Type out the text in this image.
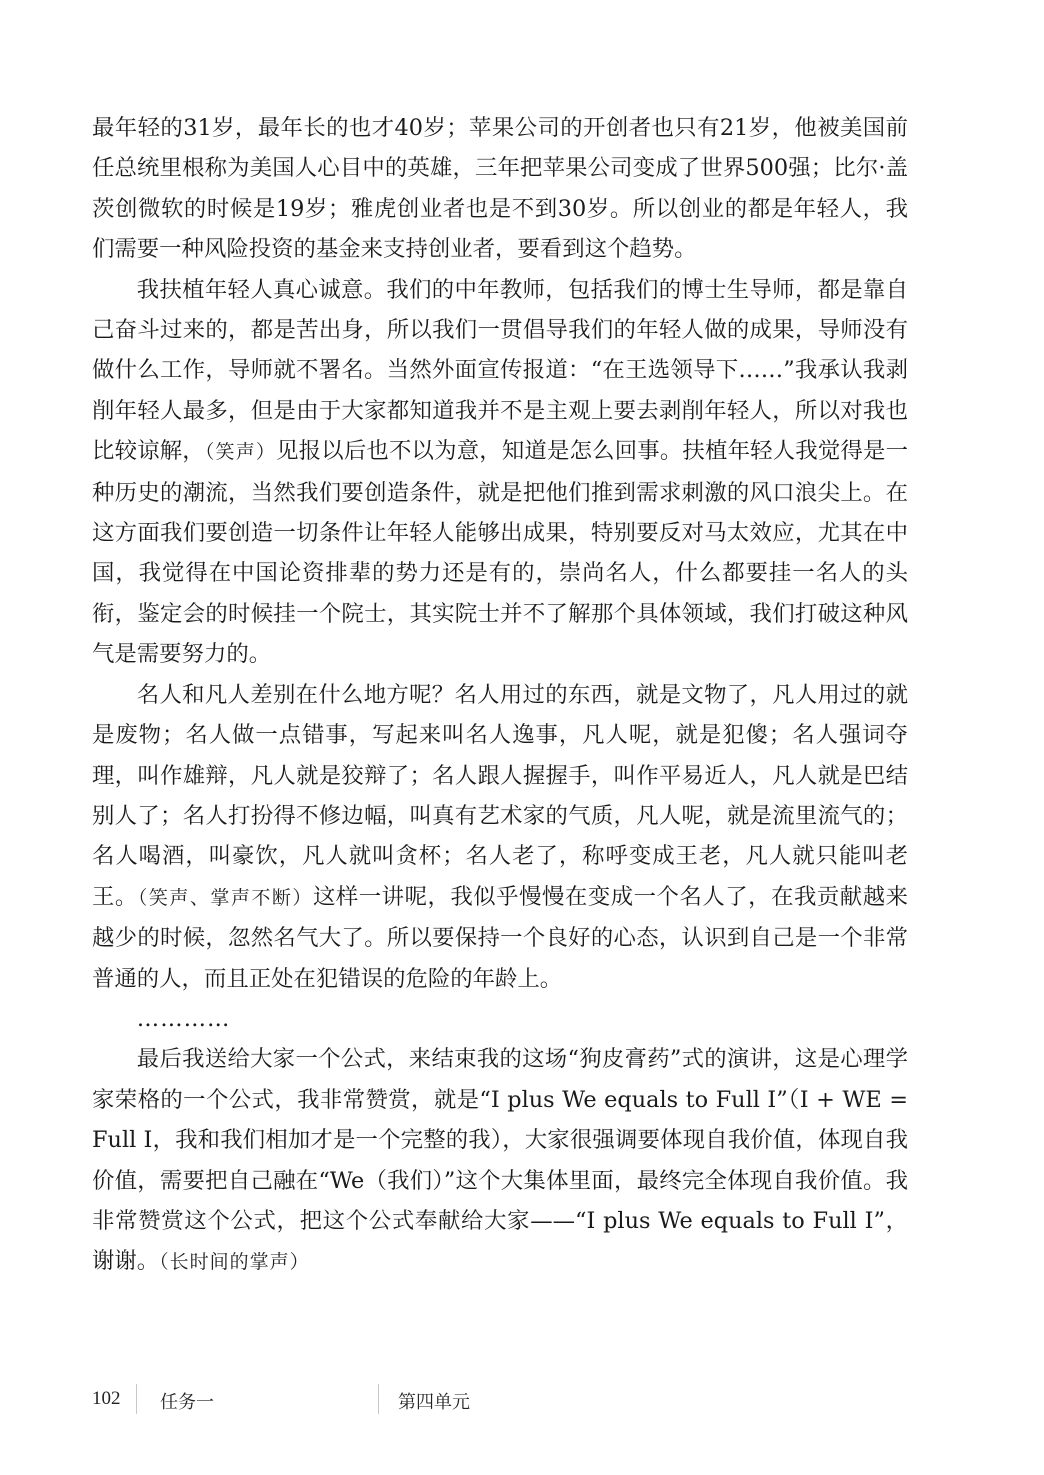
最年轻的31岁，最年长的也才40岁；苹果公司的开创者也只有21岁，他被美国前任总统里根称为美国人心目中的英雄，三年把苹果公司变成了世界500强；比尔·盖茨创微软的时候是19岁；雅虎创业者也是不到30岁。所以创业的都是年轻人，我们需要一种风险投资的基金来支持创业者，要看到这个趋势。

我扶植年轻人真心诚意。我们的中年教师，包括我们的博士生导师，都是靠自己奋斗过来的，都是苦出身，所以我们一贯倡导我们的年轻人做的成果，导师没有做什么工作，导师就不署名。当然外面宣传报道：“在王选领导下……”我承认我剥削年轻人最多，但是由于大家都知道我并不是主观上要去剥削年轻人，所以对我也比较谅解，（笑声）见报以后也不以为意，知道是怎么回事。扶植年轻人我觉得是一种历史的潮流，当然我们要创造条件，就是把他们推到需求刺激的风口浪尖上。在这方面我们要创造一切条件让年轻人能够出成果，特别要反对马太效应，尤其在中国，我觉得在中国论资排辈的势力还是有的，崇尚名人，什么都要挂一名人的头衔，鉴定会的时候挂一个院士，其实院士并不了解那个具体领域，我们打破这种风气是需要努力的。

名人和凡人差别在什么地方呢？名人用过的东西，就是文物了，凡人用过的就是废物；名人做一点错事，写起来叫名人逸事，凡人呢，就是犯傻；名人强词夺理，叫作雄辩，凡人就是狡辩了；名人跟人握握手，叫作平易近人，凡人就是巴结别人了；名人打扮得不修边幅，叫真有艺术家的气质，凡人呢，就是流里流气的；名人喝酒，叫豪饮，凡人就叫贪杯；名人老了，称呼变成王老，凡人就只能叫老王。（笑声、掌声不断）这样一讲呢，我似乎慢慢在变成一个名人了，在我贡献越来越少的时候，忽然名气大了。所以要保持一个良好的心态，认识到自己是一个非常普通的人，而且正处在犯错误的危险的年龄上。

…………

最后我送给大家一个公式，来结束我的这场“狗皮膏药”式的演讲，这是心理学家荣格的一个公式，我非常赞赏，就是“I plus We equals to Full I”（I + WE = Full I，我和我们相加才是一个完整的我），大家很强调要体现自我价值，体现自我价值，需要把自己融在“We（我们）”这个大集体里面，最终完全体现自我价值。我非常赞赏这个公式，把这个公式奉献给大家——“I plus We equals to Full I”，谢谢。（长时间的掌声）

102 任务一	第四单元
